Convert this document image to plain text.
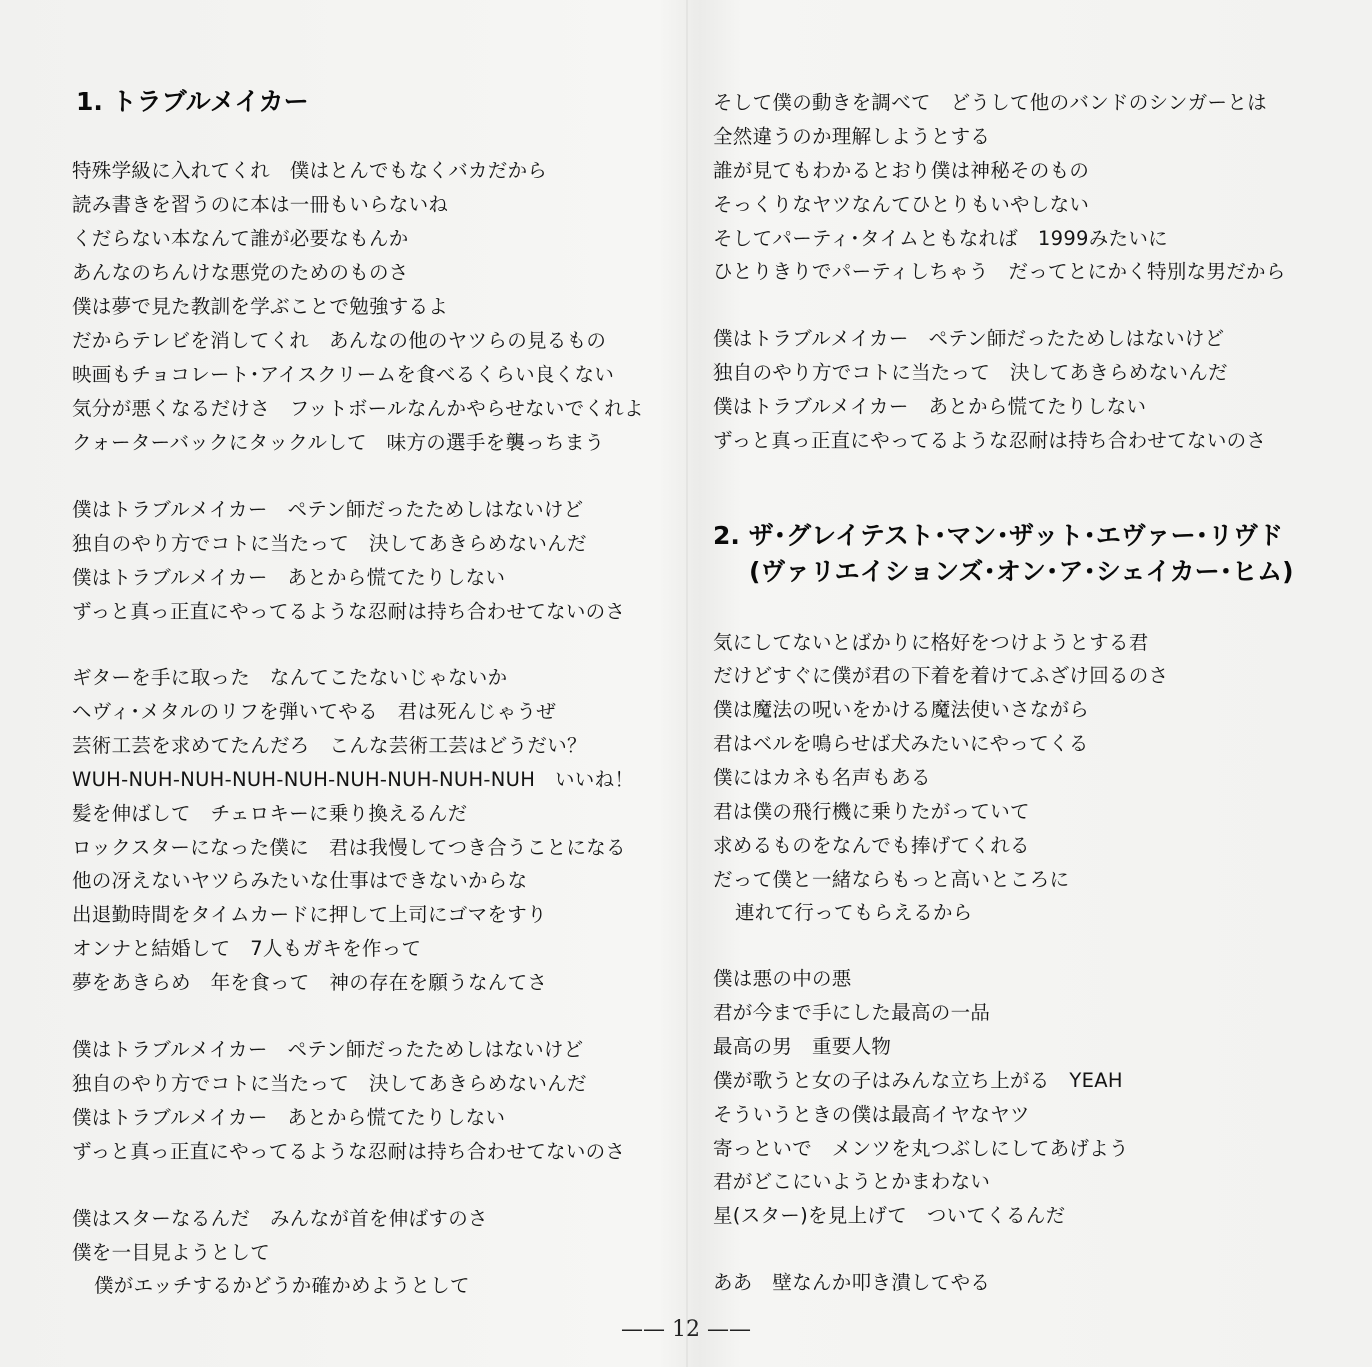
1. トラブルメイカー

特殊学級に入れてくれ　僕はとんでもなくバカだから

読み書きを習うのに本は一冊もいらないね

くだらない本なんて誰が必要なもんか

あんなのちんけな悪党のためのものさ

僕は夢で見た教訓を学ぶことで勉強するよ

だからテレビを消してくれ　あんなの他のヤツらの見るもの

映画もチョコレート･アイスクリームを食べるくらい良くない

気分が悪くなるだけさ　フットボールなんかやらせないでくれよ

クォーターバックにタックルして　味方の選手を襲っちまう

僕はトラブルメイカー　ペテン師だったためしはないけど

独自のやり方でコトに当たって　決してあきらめないんだ

僕はトラブルメイカー　あとから慌てたりしない

ずっと真っ正直にやってるような忍耐は持ち合わせてないのさ

ギターを手に取った　なんてこたないじゃないか

ヘヴィ･メタルのリフを弾いてやる　君は死んじゃうぜ

芸術工芸を求めてたんだろ　こんな芸術工芸はどうだい？

WUH-NUH-NUH-NUH-NUH-NUH-NUH-NUH-NUH　いいね！

髪を伸ばして　チェロキーに乗り換えるんだ

ロックスターになった僕に　君は我慢してつき合うことになる

他の冴えないヤツらみたいな仕事はできないからな

出退勤時間をタイムカードに押して上司にゴマをすり

オンナと結婚して　7人もガキを作って

夢をあきらめ　年を食って　神の存在を願うなんてさ

僕はトラブルメイカー　ペテン師だったためしはないけど

独自のやり方でコトに当たって　決してあきらめないんだ

僕はトラブルメイカー　あとから慌てたりしない

ずっと真っ正直にやってるような忍耐は持ち合わせてないのさ

僕はスターなるんだ　みんなが首を伸ばすのさ

僕を一目見ようとして

僕がエッチするかどうか確かめようとして

そして僕の動きを調べて　どうして他のバンドのシンガーとは

全然違うのか理解しようとする

誰が見てもわかるとおり僕は神秘そのもの

そっくりなヤツなんてひとりもいやしない

そしてパーティ･タイムともなれば　1999みたいに

ひとりきりでパーティしちゃう　だってとにかく特別な男だから

僕はトラブルメイカー　ペテン師だったためしはないけど

独自のやり方でコトに当たって　決してあきらめないんだ

僕はトラブルメイカー　あとから慌てたりしない

ずっと真っ正直にやってるような忍耐は持ち合わせてないのさ

2. ザ･グレイテスト･マン･ザット･エヴァー･リヴド
(ヴァリエイションズ･オン･ア･シェイカー･ヒム)

気にしてないとばかりに格好をつけようとする君

だけどすぐに僕が君の下着を着けてふざけ回るのさ

僕は魔法の呪いをかける魔法使いさながら

君はベルを鳴らせば犬みたいにやってくる

僕にはカネも名声もある

君は僕の飛行機に乗りたがっていて

求めるものをなんでも捧げてくれる

だって僕と一緒ならもっと高いところに

連れて行ってもらえるから

僕は悪の中の悪

君が今まで手にした最高の一品

最高の男　重要人物

僕が歌うと女の子はみんな立ち上がる　YEAH

そういうときの僕は最高イヤなヤツ

寄っといで　メンツを丸つぶしにしてあげよう

君がどこにいようとかまわない

星(スター)を見上げて　ついてくるんだ

ああ　壁なんか叩き潰してやる

—— 12 ——
